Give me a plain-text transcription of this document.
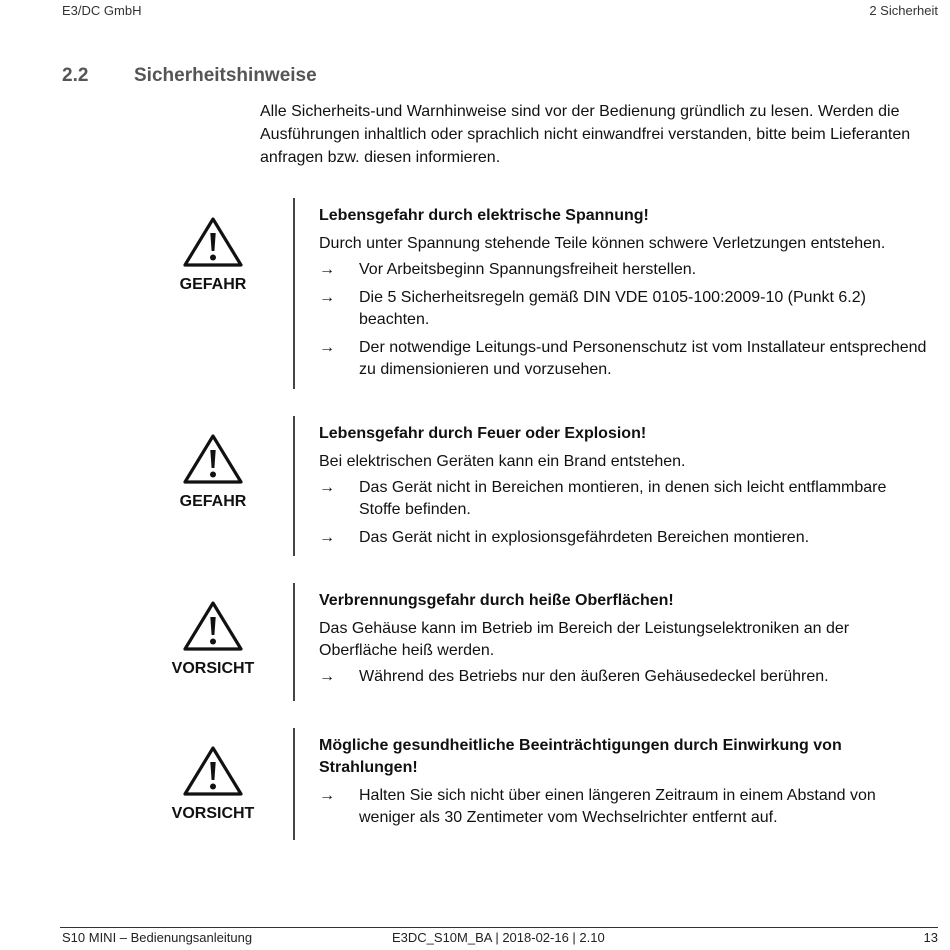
E3/DC GmbH	2 Sicherheit
2.2 Sicherheitshinweise
Alle Sicherheits-und Warnhinweise sind vor der Bedienung gründlich zu lesen. Werden die Ausführungen inhaltlich oder sprachlich nicht einwandfrei verstanden, bitte beim Lieferanten anfragen bzw. diesen informieren.
GEFAHR
Lebensgefahr durch elektrische Spannung!
Durch unter Spannung stehende Teile können schwere Verletzungen entstehen.
→ Vor Arbeitsbeginn Spannungsfreiheit herstellen.
→ Die 5 Sicherheitsregeln gemäß DIN VDE 0105-100:2009-10 (Punkt 6.2) beachten.
→ Der notwendige Leitungs-und Personenschutz ist vom Installateur entsprechend zu dimensionieren und vorzusehen.
GEFAHR
Lebensgefahr durch Feuer oder Explosion!
Bei elektrischen Geräten kann ein Brand entstehen.
→ Das Gerät nicht in Bereichen montieren, in denen sich leicht entflammbare Stoffe befinden.
→ Das Gerät nicht in explosionsgefährdeten Bereichen montieren.
VORSICHT
Verbrennungsgefahr durch heiße Oberflächen!
Das Gehäuse kann im Betrieb im Bereich der Leistungselektroniken an der Oberfläche heiß werden.
→ Während des Betriebs nur den äußeren Gehäusedeckel berühren.
VORSICHT
Mögliche gesundheitliche Beeinträchtigungen durch Einwirkung von Strahlungen!
→ Halten Sie sich nicht über einen längeren Zeitraum in einem Abstand von weniger als 30 Zentimeter vom Wechselrichter entfernt auf.
S10 MINI – Bedienungsanleitung	E3DC_S10M_BA | 2018-02-16 | 2.10	13
